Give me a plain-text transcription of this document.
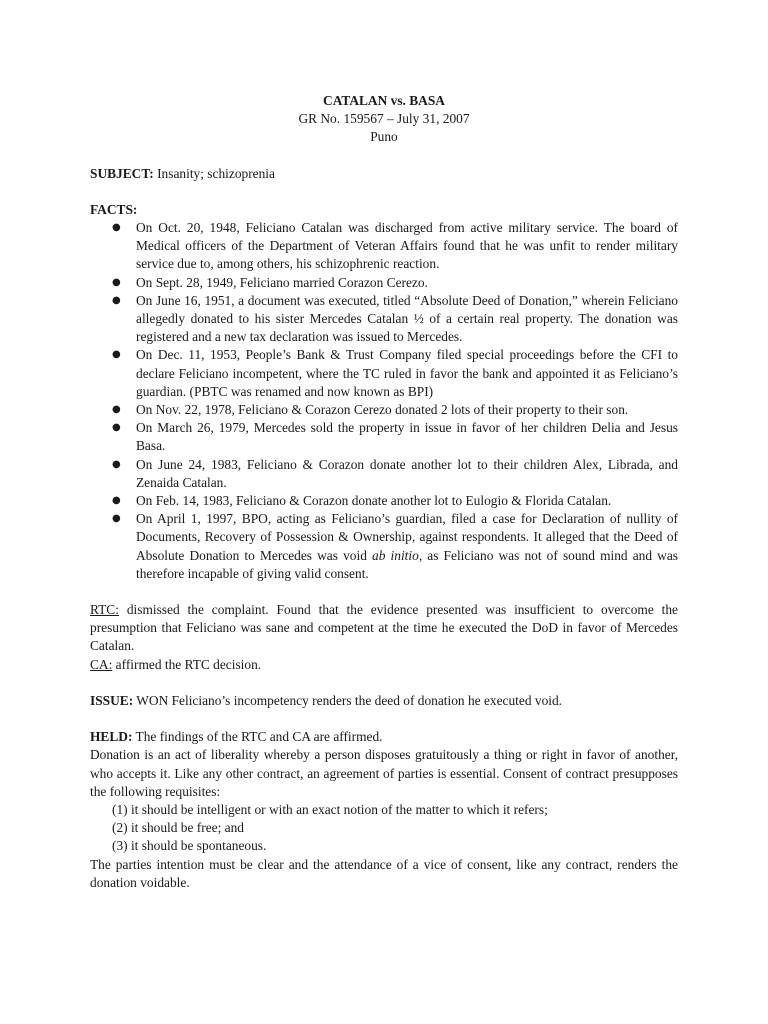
CATALAN vs. BASA

GR No. 159567 – July 31, 2007

Puno

SUBJECT: Insanity; schizoprenia

FACTS:

● On Oct. 20, 1948, Feliciano Catalan was discharged from active military service. The board of Medical officers of the Department of Veteran Affairs found that he was unfit to render military service due to, among others, his schizophrenic reaction.
● On Sept. 28, 1949, Feliciano married Corazon Cerezo.
● On June 16, 1951, a document was executed, titled “Absolute Deed of Donation,” wherein Feliciano allegedly donated to his sister Mercedes Catalan ½ of a certain real property. The donation was registered and a new tax declaration was issued to Mercedes.
● On Dec. 11, 1953, People’s Bank & Trust Company filed special proceedings before the CFI to declare Feliciano incompetent, where the TC ruled in favor the bank and appointed it as Feliciano’s guardian. (PBTC was renamed and now known as BPI)
● On Nov. 22, 1978, Feliciano & Corazon Cerezo donated 2 lots of their property to their son.
● On March 26, 1979, Mercedes sold the property in issue in favor of her children Delia and Jesus Basa.
● On June 24, 1983, Feliciano & Corazon donate another lot to their children Alex, Librada, and Zenaida Catalan.
● On Feb. 14, 1983, Feliciano & Corazon donate another lot to Eulogio & Florida Catalan.
● On April 1, 1997, BPO, acting as Feliciano’s guardian, filed a case for Declaration of nullity of Documents, Recovery of Possession & Ownership, against respondents. It alleged that the Deed of Absolute Donation to Mercedes was void ab initio, as Feliciano was not of sound mind and was therefore incapable of giving valid consent.

RTC: dismissed the complaint. Found that the evidence presented was insufficient to overcome the presumption that Feliciano was sane and competent at the time he executed the DoD in favor of Mercedes Catalan.

CA: affirmed the RTC decision.

ISSUE: WON Feliciano’s incompetency renders the deed of donation he executed void.

HELD: The findings of the RTC and CA are affirmed.

Donation is an act of liberality whereby a person disposes gratuitously a thing or right in favor of another, who accepts it. Like any other contract, an agreement of parties is essential. Consent of contract presupposes the following requisites:

(1) it should be intelligent or with an exact notion of the matter to which it refers;
(2) it should be free; and
(3) it should be spontaneous.

The parties intention must be clear and the attendance of a vice of consent, like any contract, renders the donation voidable.
